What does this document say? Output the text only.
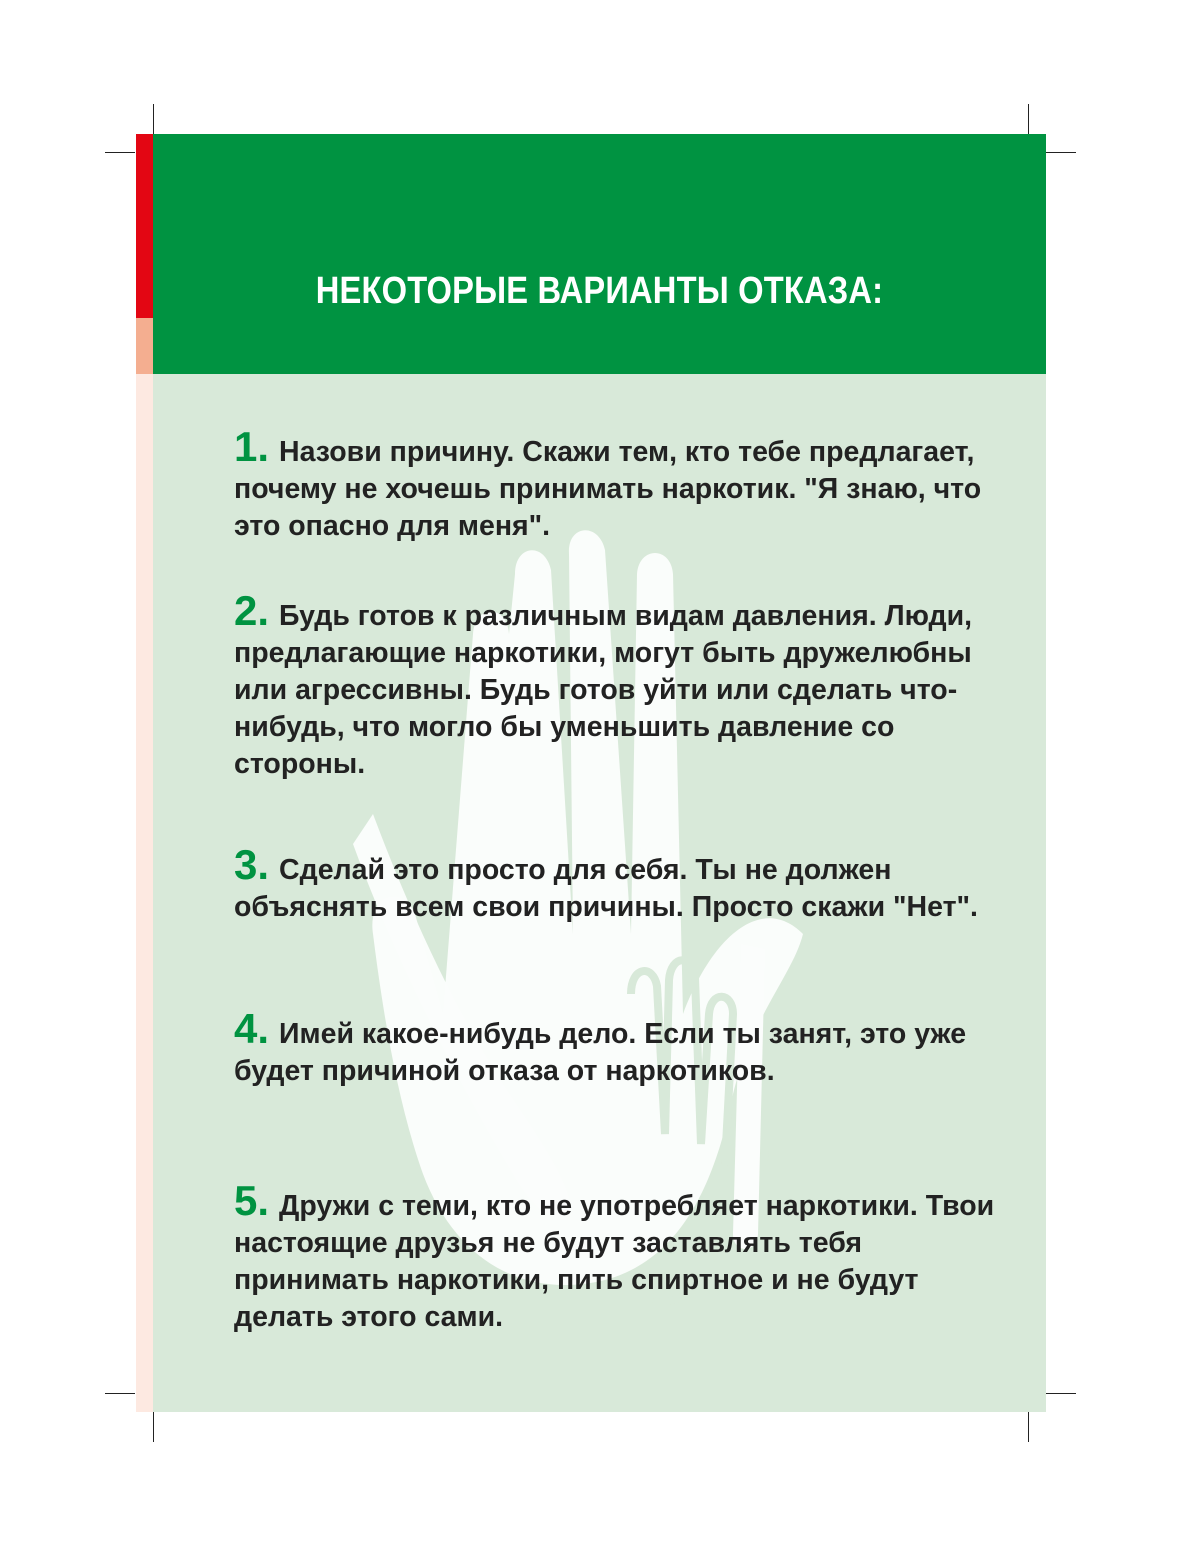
НЕКОТОРЫЕ ВАРИАНТЫ ОТКАЗА:

1. Назови причину. Скажи тем, кто тебе предлагает, почему не хочешь принимать наркотик. "Я знаю, что это опасно для меня".

2. Будь готов к различным видам давления. Люди, предлагающие наркотики, могут быть дружелюбны или агрессивны. Будь готов уйти или сделать что-нибудь, что могло бы уменьшить давление со стороны.

3. Сделай это просто для себя. Ты не должен объяснять всем свои причины. Просто скажи "Нет".

4. Имей какое-нибудь дело. Если ты занят, это уже будет причиной отказа от наркотиков.

5. Дружи с теми, кто не употребляет наркотики. Твои настоящие друзья не будут заставлять тебя принимать наркотики, пить спиртное и не будут делать этого сами.
